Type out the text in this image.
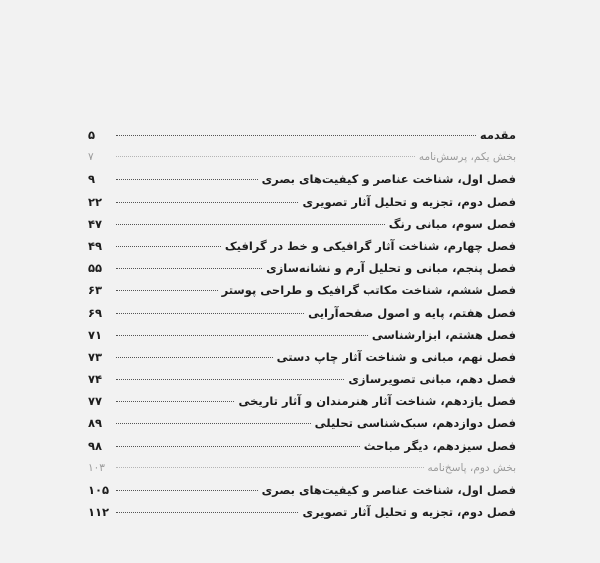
مقدمه
۵
بخش یکم، پرسش‌نامه
۷
فصل اول، شناخت عناصر و کیفیت‌های بصری
۹
فصل دوم، تجزیه و تحلیل آثار تصویری
۲۲
فصل سوم، مبانی رنگ
۴۷
فصل چهارم، شناخت آثار گرافیکی و خط در گرافیک
۴۹
فصل پنجم، مبانی و تحلیل آرم و نشانه‌سازی
۵۵
فصل ششم، شناخت مکاتب گرافیک و طراحی پوستر
۶۳
فصل هفتم، پایه و اصول صفحه‌آرایی
۶۹
فصل هشتم، ابزارشناسی
۷۱
فصل نهم، مبانی و شناخت آثار چاپ دستی
۷۳
فصل دهم، مبانی تصویرسازی
۷۴
فصل یازدهم، شناخت آثار هنرمندان و آثار تاریخی
۷۷
فصل دوازدهم، سبک‌شناسی تحلیلی
۸۹
فصل سیزدهم، دیگر مباحث
۹۸
بخش دوم، پاسخ‌نامه
۱۰۳
فصل اول، شناخت عناصر و کیفیت‌های بصری
۱۰۵
فصل دوم، تجزیه و تحلیل آثار تصویری
۱۱۲
